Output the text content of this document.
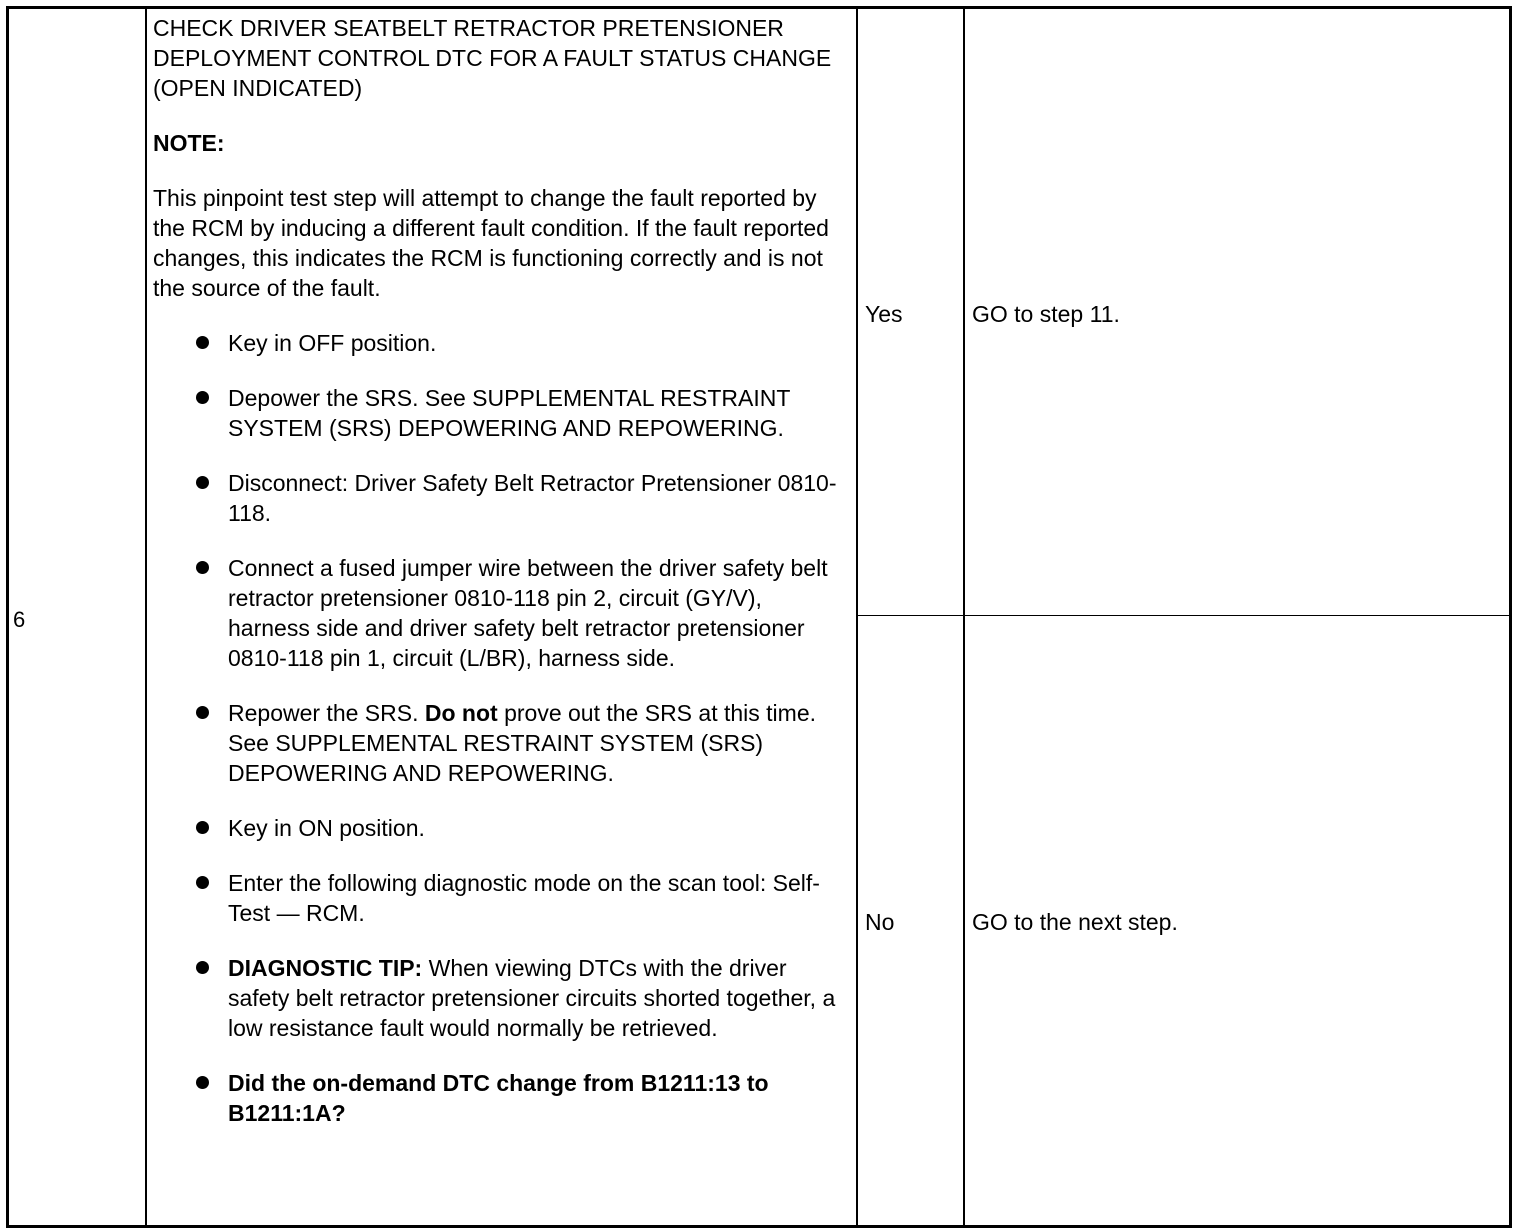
6

CHECK DRIVER SEATBELT RETRACTOR PRETENSIONER DEPLOYMENT CONTROL DTC FOR A FAULT STATUS CHANGE (OPEN INDICATED)

NOTE:

This pinpoint test step will attempt to change the fault reported by the RCM by inducing a different fault condition. If the fault reported changes, this indicates the RCM is functioning correctly and is not the source of the fault.

Key in OFF position.
Depower the SRS. See SUPPLEMENTAL RESTRAINT SYSTEM (SRS) DEPOWERING AND REPOWERING.
Disconnect: Driver Safety Belt Retractor Pretensioner 0810-118.
Connect a fused jumper wire between the driver safety belt retractor pretensioner 0810-118 pin 2, circuit (GY/V), harness side and driver safety belt retractor pretensioner 0810-118 pin 1, circuit (L/BR), harness side.
Repower the SRS. Do not prove out the SRS at this time. See SUPPLEMENTAL RESTRAINT SYSTEM (SRS) DEPOWERING AND REPOWERING.
Key in ON position.
Enter the following diagnostic mode on the scan tool: Self-Test — RCM.
DIAGNOSTIC TIP: When viewing DTCs with the driver safety belt retractor pretensioner circuits shorted together, a low resistance fault would normally be retrieved.
Did the on-demand DTC change from B1211:13 to B1211:1A?
Yes	GO to step 11.
No	GO to the next step.
